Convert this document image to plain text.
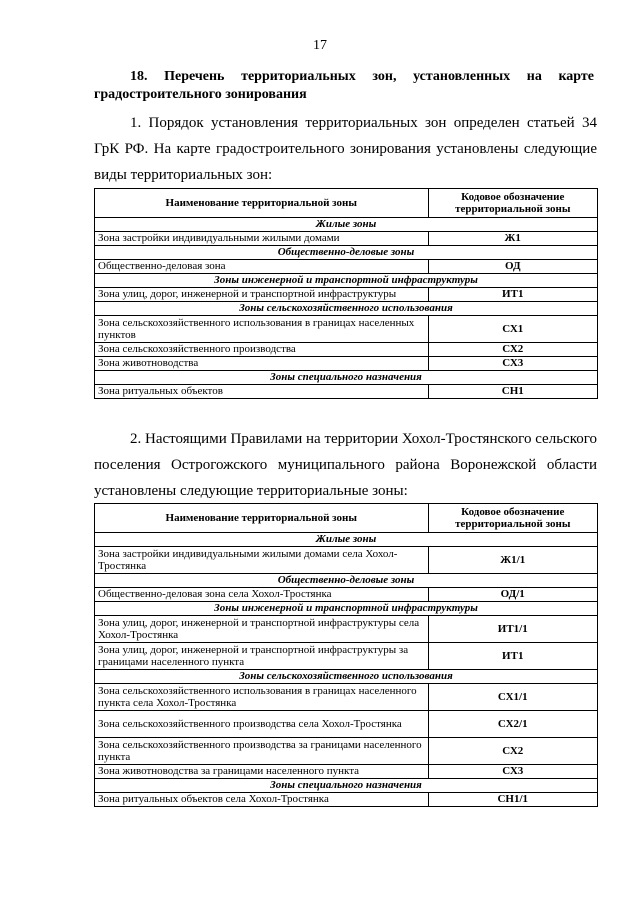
17
18. Перечень территориальных зон, установленных на карте
градостроительного зонирования
1. Порядок установления территориальных зон определен статьей 34 ГрК РФ. На карте градостроительного зонирования установлены следующие виды территориальных зон:
Наименование территориальной зоны	Кодовое обозначение территориальной зоны
Жилые зоны	
Зона застройки индивидуальными жилыми домами	Ж1
Общественно-деловые зоны	
Общественно-деловая зона	ОД
Зоны инженерной и транспортной инфраструктуры	
Зона улиц, дорог, инженерной и транспортной инфраструктуры	ИТ1
Зоны сельскохозяйственного использования	
Зона сельскохозяйственного использования в границах населенных пунктов	СХ1
Зона сельскохозяйственного производства	СХ2
Зона животноводства	СХ3
Зоны специального назначения	
Зона ритуальных объектов	СН1
2. Настоящими Правилами на территории Хохол-Тростянского сельского поселения Острогожского муниципального района Воронежской области установлены следующие территориальные зоны:
Наименование территориальной зоны	Кодовое обозначение территориальной зоны
Жилые зоны	
Зона застройки индивидуальными жилыми домами села Хохол-Тростянка	Ж1/1
Общественно-деловые зоны	
Общественно-деловая зона села Хохол-Тростянка	ОД/1
Зоны инженерной и транспортной инфраструктуры	
Зона улиц, дорог, инженерной и транспортной инфраструктуры села Хохол-Тростянка	ИТ1/1
Зона улиц, дорог, инженерной и транспортной инфраструктуры за границами населенного пункта	ИТ1
Зоны сельскохозяйственного использования	
Зона сельскохозяйственного использования в границах населенного пункта села Хохол-Тростянка	СХ1/1
Зона сельскохозяйственного производства села Хохол-Тростянка	СХ2/1
Зона сельскохозяйственного производства за границами населенного пункта	СХ2
Зона животноводства за границами населенного пункта	СХ3
Зоны специального назначения	
Зона ритуальных объектов села Хохол-Тростянка	СН1/1
